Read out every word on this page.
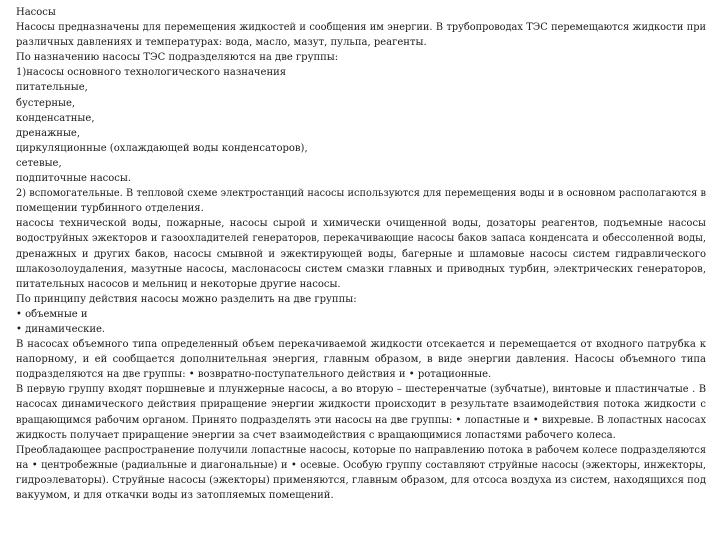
Насосы
Насосы предназначены для перемещения жидкостей и сообщения им энергии. В трубопроводах ТЭС перемещаются жидкости при
различных давлениях и температурах: вода, масло, мазут, пульпа, реагенты.
По назначению насосы ТЭС подразделяются на две группы:
1)насосы основного технологического назначения
питательные,
бустерные,
конденсатные,
дренажные,
циркуляционные (охлаждающей воды конденсаторов),
сетевые,
подпиточные насосы.
2) вспомогательные. В тепловой схеме электростанций насосы используются для перемещения воды и в основном располагаются в
помещении турбинного отделения.
насосы технической воды, пожарные, насосы сырой и химически очищенной воды, дозаторы реагентов, подъемные насосы
водоструйных эжекторов и газоохладителей генераторов, перекачивающие насосы баков запаса конденсата и обессоленной воды,
дренажных и других баков, насосы смывной и эжектирующей воды, багерные и шламовые насосы систем гидравлического
шлакозолоудаления, мазутные насосы, маслонасосы систем смазки главных и приводных турбин, электрических генераторов,
питательных насосов и мельниц и некоторые другие насосы.
По принципу действия насосы можно разделить на две группы:
• объемные и
• динамические.
В насосах объемного типа определенный объем перекачиваемой жидкости отсекается и перемещается от входного патрубка к
напорному, и ей сообщается дополнительная энергия, главным образом, в виде энергии давления. Насосы объемного типа
подразделяются на две группы: • возвратно-поступательного действия и • ротационные.
В первую группу входят поршневые и плунжерные насосы, а во вторую – шестеренчатые (зубчатые), винтовые и пластинчатые . В
насосах динамического действия приращение энергии жидкости происходит в результате взаимодействия потока жидкости с
вращающимся рабочим органом. Принято подразделять эти насосы на две группы: • лопастные и • вихревые. В лопастных насосах
жидкость получает приращение энергии за счет взаимодействия с вращающимися лопастями рабочего колеса.
Преобладающее распространение получили лопастные насосы, которые по направлению потока в рабочем колесе подразделяются
на • центробежные (радиальные и диагональные) и • осевые. Особую группу составляют струйные насосы (эжекторы, инжекторы,
гидроэлеваторы). Струйные насосы (эжекторы) применяются, главным образом, для отсоса воздуха из систем, находящихся под
вакуумом, и для откачки воды из затопляемых помещений.
